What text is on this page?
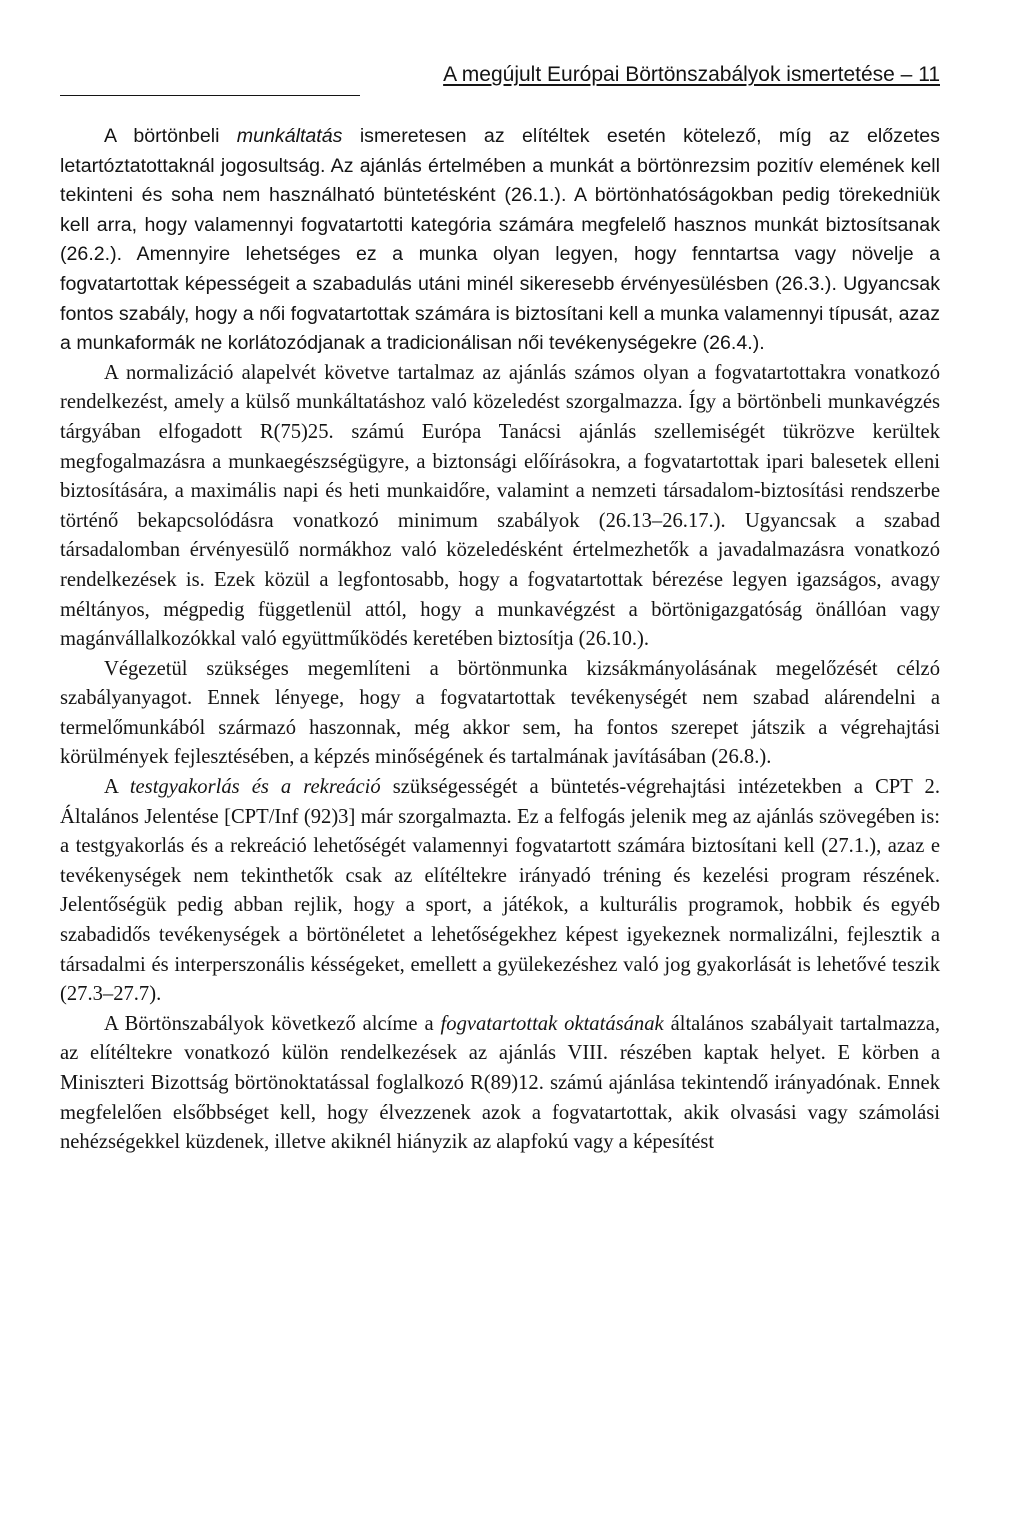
A megújult Európai Börtönszabályok ismertetése – 11

A börtönbeli munkáltatás ismeretesen az elítéltek esetén kötelező, míg az előzetes letartóztatottaknál jogosultság. Az ajánlás értelmében a munkát a börtönrezsim pozitív elemének kell tekinteni és soha nem használható büntetésként (26.1.). A börtönhatóságokban pedig törekedniük kell arra, hogy valamennyi fogvatartotti kategória számára megfelelő hasznos munkát biztosítsanak (26.2.). Amennyire lehetséges ez a munka olyan legyen, hogy fenntartsa vagy növelje a fogvatartottak képességeit a szabadulás utáni minél sikeresebb érvényesülésben (26.3.). Ugyancsak fontos szabály, hogy a női fogvatartottak számára is biztosítani kell a munka valamennyi típusát, azaz a munkaformák ne korlátozódjanak a tradicionálisan női tevékenységekre (26.4.).

A normalizáció alapelvét követve tartalmaz az ajánlás számos olyan a fogvatartottakra vonatkozó rendelkezést, amely a külső munkáltatáshoz való közeledést szorgalmazza. Így a börtönbeli munkavégzés tárgyában elfogadott R(75)25. számú Európa Tanácsi ajánlás szellemiségét tükrözve kerültek megfogalmazásra a munkaegészségügyre, a biztonsági előírásokra, a fogvatartottak ipari balesetek elleni biztosítására, a maximális napi és heti munkaidőre, valamint a nemzeti társadalom-biztosítási rendszerbe történő bekapcsolódásra vonatkozó minimum szabályok (26.13–26.17.). Ugyancsak a szabad társadalomban érvényesülő normákhoz való közeledésként értelmezhetők a javadalmazásra vonatkozó rendelkezések is. Ezek közül a legfontosabb, hogy a fogvatartottak bérezése legyen igazságos, avagy méltányos, mégpedig függetlenül attól, hogy a munkavégzést a börtönigazgatóság önállóan vagy magánvállalkozókkal való együttműködés keretében biztosítja (26.10.).

Végezetül szükséges megemlíteni a börtönmunka kizsákmányolásának megelőzését célzó szabályanyagot. Ennek lényege, hogy a fogvatartottak tevékenységét nem szabad alárendelni a termelőmunkából származó haszonnak, még akkor sem, ha fontos szerepet játszik a végrehajtási körülmények fejlesztésében, a képzés minőségének és tartalmának javításában (26.8.).

A testgyakorlás és a rekreáció szükségességét a büntetés-végrehajtási intézetekben a CPT 2. Általános Jelentése [CPT/Inf (92)3] már szorgalmazta. Ez a felfogás jelenik meg az ajánlás szövegében is: a testgyakorlás és a rekreáció lehetőségét valamennyi fogvatartott számára biztosítani kell (27.1.), azaz e tevékenységek nem tekinthetők csak az elítéltekre irányadó tréning és kezelési program részének. Jelentőségük pedig abban rejlik, hogy a sport, a játékok, a kulturális programok, hobbik és egyéb szabadidős tevékenységek a börtönéletet a lehetőségekhez képest igyekeznek normalizálni, fejlesztik a társadalmi és interperszonális késségeket, emellett a gyülekezéshez való jog gyakorlását is lehetővé teszik (27.3–27.7).

A Börtönszabályok következő alcíme a fogvatartottak oktatásának általános szabályait tartalmazza, az elítéltekre vonatkozó külön rendelkezések az ajánlás VIII. részében kaptak helyet. E körben a Miniszteri Bizottság börtönoktatással foglalkozó R(89)12. számú ajánlása tekintendő irányadónak. Ennek megfelelően elsőbbséget kell, hogy élvezzenek azok a fogvatartottak, akik olvasási vagy számolási nehézségekkel küzdenek, illetve akiknél hiányzik az alapfokú vagy a képesítést
